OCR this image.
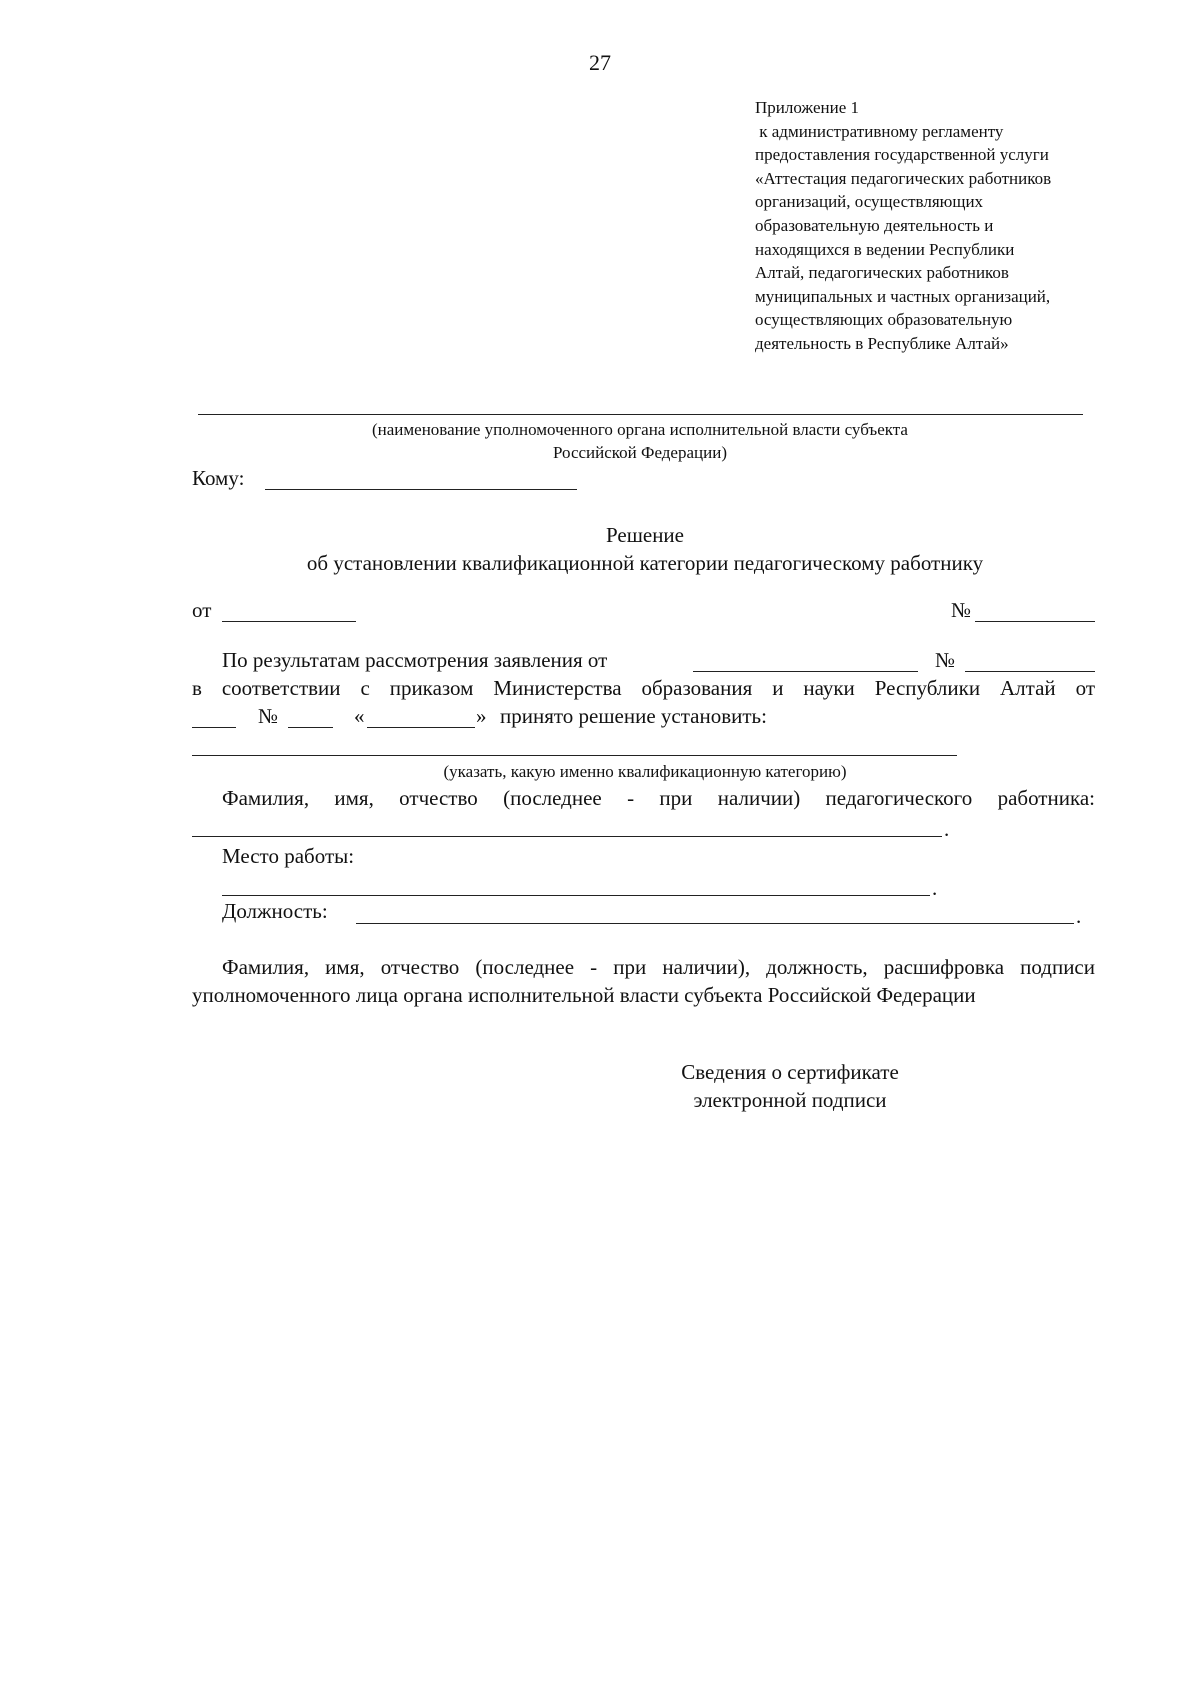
27
Приложение 1
к административному регламенту
предоставления государственной услуги
«Аттестация педагогических работников
организаций, осуществляющих
образовательную деятельность и
находящихся в ведении Республики
Алтай, педагогических работников
муниципальных и частных организаций,
осуществляющих образовательную
деятельность в Республике Алтай»
(наименование уполномоченного органа исполнительной власти субъекта
Российской Федерации)
Кому:
Решение
об установлении квалификационной категории педагогическому работнику
от	№
По результатам рассмотрения заявления от	№
в соответствии с приказом Министерства образования и науки Республики Алтай от
№	«	» принято решение установить:
(указать, какую именно квалификационную категорию)
Фамилия, имя, отчество (последнее - при наличии) педагогического работника:
.
Место работы:
.
Должность:	.
Фамилия, имя, отчество (последнее - при наличии), должность, расшифровка подписи уполномоченного лица органа исполнительной власти субъекта Российской Федерации
Сведения о сертификате
электронной подписи
